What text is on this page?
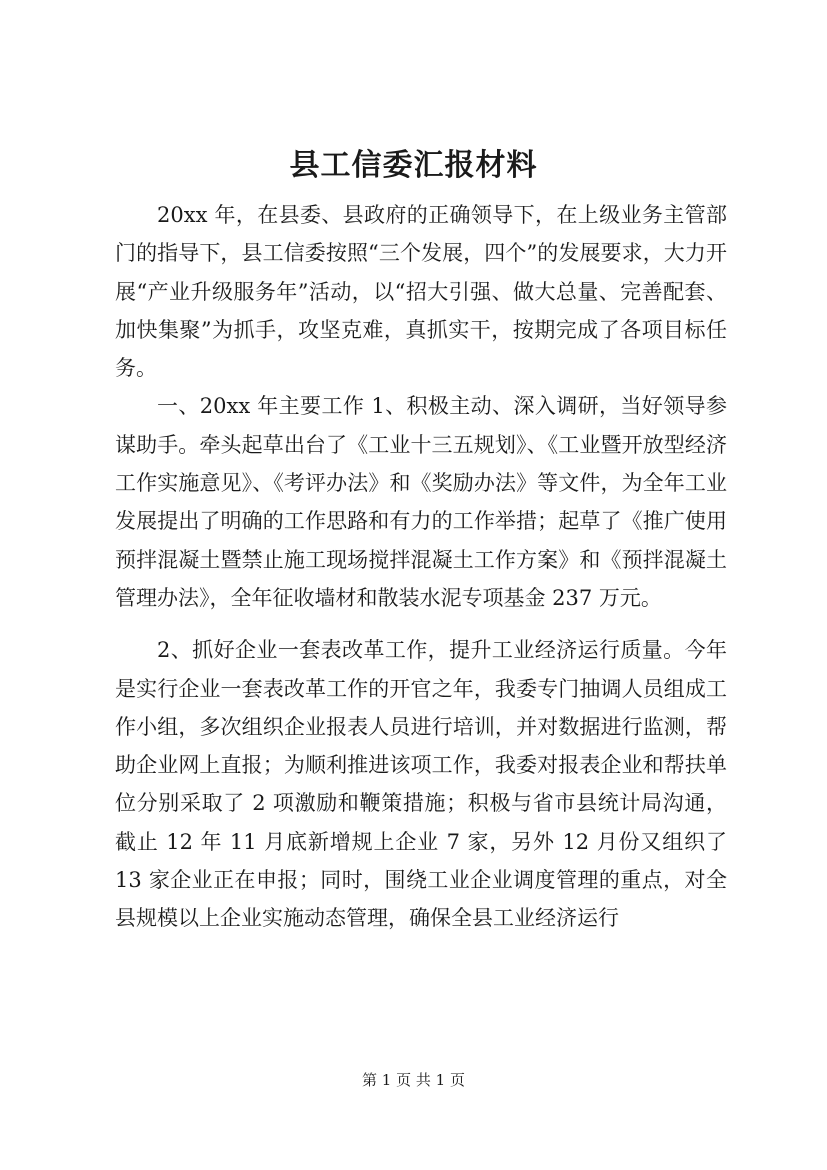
县工信委汇报材料

20xx 年，在县委、县政府的正确领导下，在上级业务主管部门的指导下，县工信委按照“三个发展，四个”的发展要求，大力开展“产业升级服务年”活动，以“招大引强、做大总量、完善配套、加快集聚”为抓手，攻坚克难，真抓实干，按期完成了各项目标任务。

一、20xx 年主要工作 1、积极主动、深入调研，当好领导参谋助手。牵头起草出台了《工业十三五规划》、《工业暨开放型经济工作实施意见》、《考评办法》和《奖励办法》等文件，为全年工业发展提出了明确的工作思路和有力的工作举措；起草了《推广使用预拌混凝土暨禁止施工现场搅拌混凝土工作方案》和《预拌混凝土管理办法》，全年征收墙材和散装水泥专项基金 237 万元。

2、抓好企业一套表改革工作，提升工业经济运行质量。今年是实行企业一套表改革工作的开官之年，我委专门抽调人员组成工作小组，多次组织企业报表人员进行培训，并对数据进行监测，帮助企业网上直报；为顺利推进该项工作，我委对报表企业和帮扶单位分别采取了 2 项激励和鞭策措施；积极与省市县统计局沟通，截止 12 年 11 月底新增规上企业 7 家，另外 12 月份又组织了 13 家企业正在申报；同时，围绕工业企业调度管理的重点，对全县规模以上企业实施动态管理，确保全县工业经济运行

第 1 页 共 1 页
